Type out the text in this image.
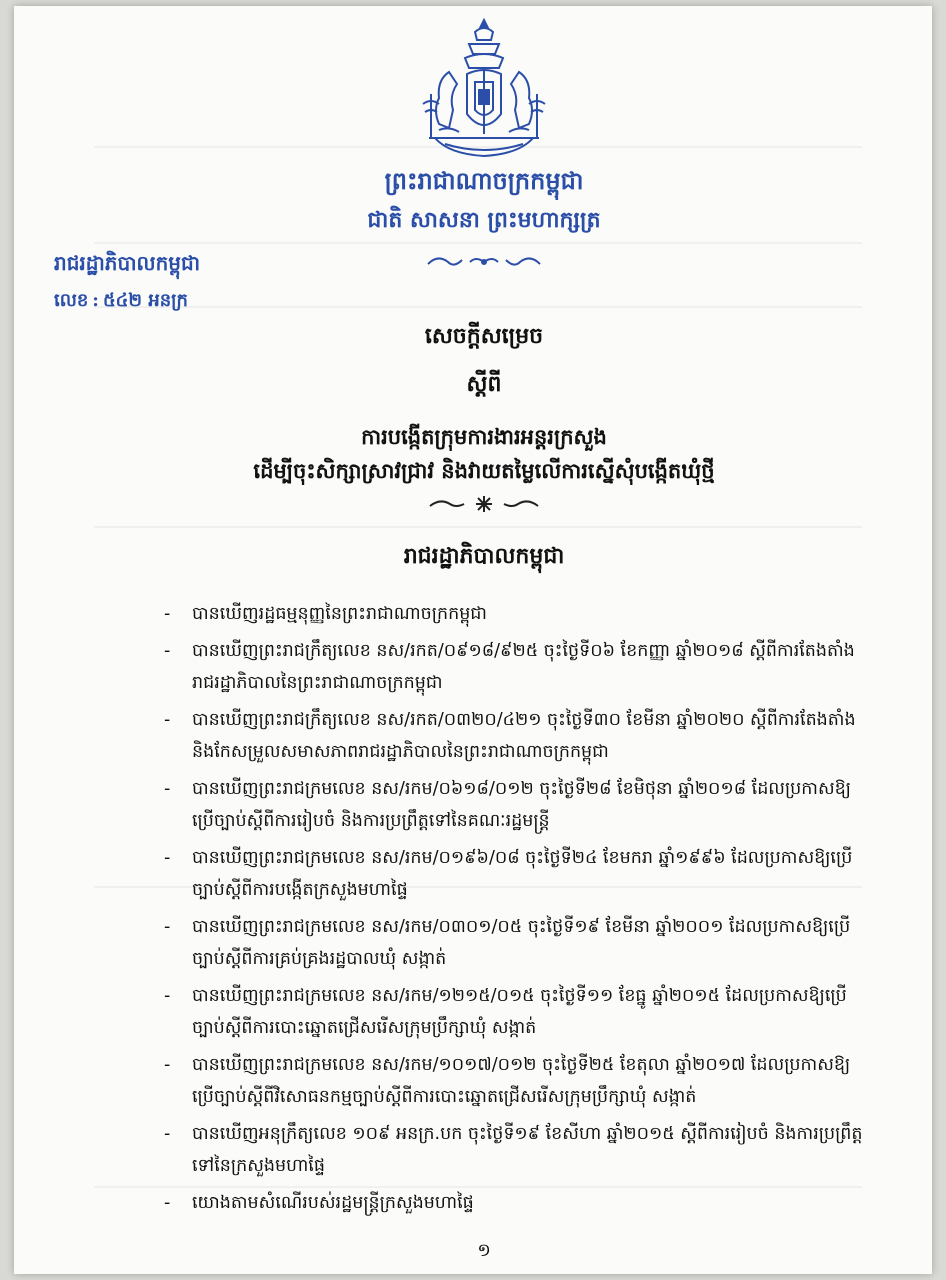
ព្រះរាជាណាចក្រកម្ពុជា
ជាតិ សាសនា ព្រះមហាក្សត្រ
រាជរដ្ឋាភិបាលកម្ពុជា
លេខ : ៥៤២ អនក្រ
សេចក្តីសម្រេច
ស្តីពី
ការបង្កើតក្រុមការងារអន្តរក្រសួង
ដើម្បីចុះសិក្សាស្រាវជ្រាវ និងវាយតម្លៃលើការស្នើសុំបង្កើតឃុំថ្មី
រាជរដ្ឋាភិបាលកម្ពុជា
- បានឃើញរដ្ឋធម្មនុញ្ញនៃព្រះរាជាណាចក្រកម្ពុជា
- បានឃើញព្រះរាជក្រឹត្យលេខ នស/រកត/០៩១៨/៩២៥ ចុះថ្ងៃទី០៦ ខែកញ្ញា ឆ្នាំ២០១៨ ស្តីពីការតែងតាំងរាជរដ្ឋាភិបាលនៃព្រះរាជាណាចក្រកម្ពុជា
- បានឃើញព្រះរាជក្រឹត្យលេខ នស/រកត/០៣២០/៤២១ ចុះថ្ងៃទី៣០ ខែមីនា ឆ្នាំ២០២០ ស្តីពីការតែងតាំងនិងកែសម្រួលសមាសភាពរាជរដ្ឋាភិបាលនៃព្រះរាជាណាចក្រកម្ពុជា
- បានឃើញព្រះរាជក្រមលេខ នស/រកម/០៦១៨/០១២ ចុះថ្ងៃទី២៨ ខែមិថុនា ឆ្នាំ២០១៨ ដែលប្រកាសឱ្យប្រើច្បាប់ស្តីពីការរៀបចំ និងការប្រព្រឹត្តទៅនៃគណៈរដ្ឋមន្ត្រី
- បានឃើញព្រះរាជក្រមលេខ នស/រកម/០១៩៦/០៨ ចុះថ្ងៃទី២៤ ខែមករា ឆ្នាំ១៩៩៦ ដែលប្រកាសឱ្យប្រើច្បាប់ស្តីពីការបង្កើតក្រសួងមហាផ្ទៃ
- បានឃើញព្រះរាជក្រមលេខ នស/រកម/០៣០១/០៥ ចុះថ្ងៃទី១៩ ខែមីនា ឆ្នាំ២០០១ ដែលប្រកាសឱ្យប្រើច្បាប់ស្តីពីការគ្រប់គ្រងរដ្ឋបាលឃុំ សង្កាត់
- បានឃើញព្រះរាជក្រមលេខ នស/រកម/១២១៥/០១៥ ចុះថ្ងៃទី១១ ខែធ្នូ ឆ្នាំ២០១៥ ដែលប្រកាសឱ្យប្រើច្បាប់ស្តីពីការបោះឆ្នោតជ្រើសរើសក្រុមប្រឹក្សាឃុំ សង្កាត់
- បានឃើញព្រះរាជក្រមលេខ នស/រកម/១០១៧/០១២ ចុះថ្ងៃទី២៥ ខែតុលា ឆ្នាំ២០១៧ ដែលប្រកាសឱ្យប្រើច្បាប់ស្តីពីវិសោធនកម្មច្បាប់ស្តីពីការបោះឆ្នោតជ្រើសរើសក្រុមប្រឹក្សាឃុំ សង្កាត់
- បានឃើញអនុក្រឹត្យលេខ ១០៩ អនក្រ.បក ចុះថ្ងៃទី១៩ ខែសីហា ឆ្នាំ២០១៥ ស្តីពីការរៀបចំ និងការប្រព្រឹត្តទៅនៃក្រសួងមហាផ្ទៃ
- យោងតាមសំណើរបស់រដ្ឋមន្ត្រីក្រសួងមហាផ្ទៃ
១
